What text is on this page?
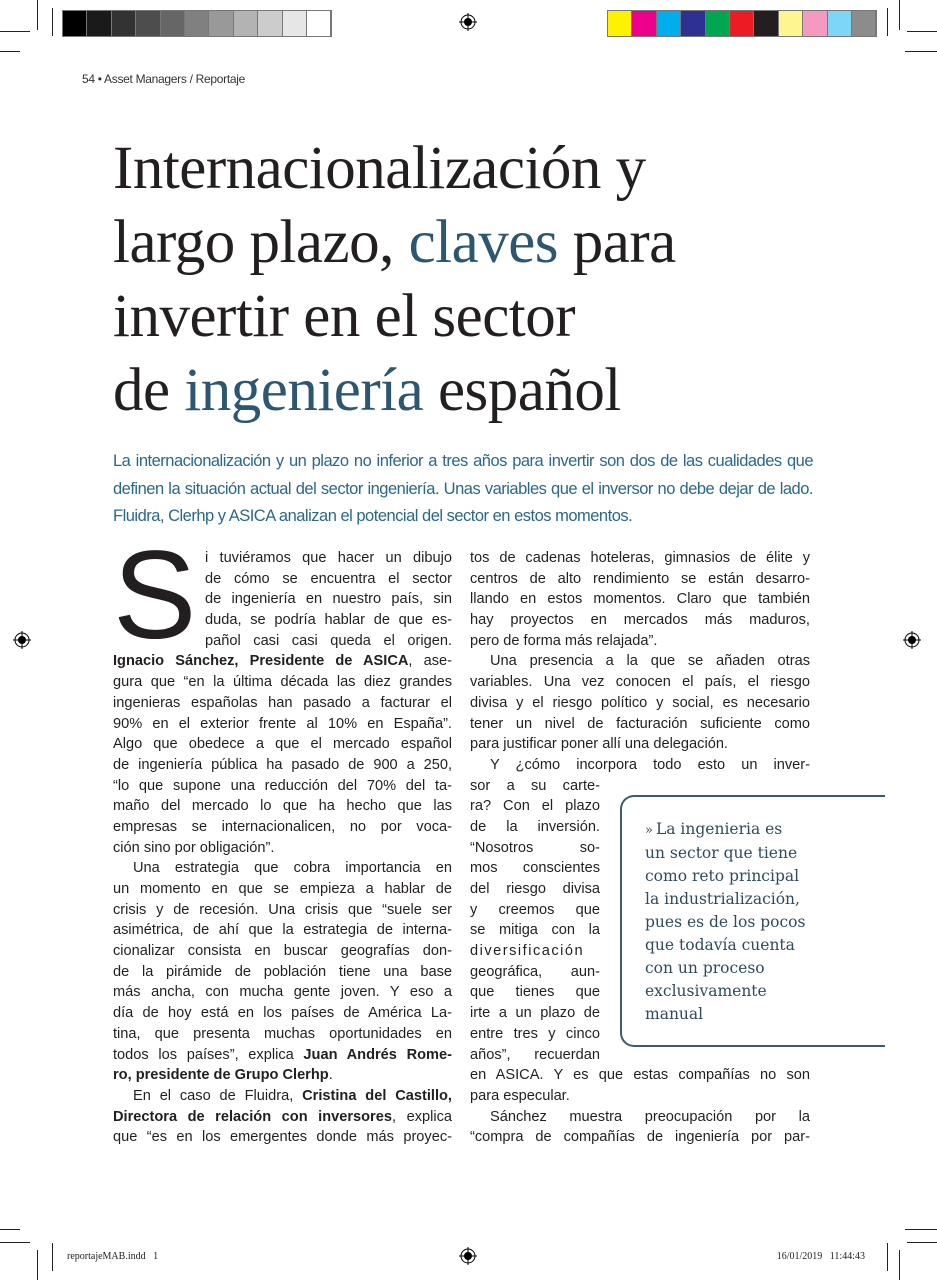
reportajeMAB.indd   1	16/01/2019   11:44:43
54 • Asset Managers / Reportaje
Internacionalización y
largo plazo, claves para
invertir en el sector
de ingeniería español
La internacionalización y un plazo no inferior a tres años para invertir son dos de las cualidades que
definen la situación actual del sector ingeniería. Unas variables que el inversor no debe dejar de lado.
Fluidra, Clerhp y ASICA analizan el potencial del sector en estos momentos.
S i tuviéramos que hacer un dibujo
de cómo se encuentra el sector
de ingeniería en nuestro país, sin
duda, se podría hablar de que es-
pañol casi casi queda el origen.
Ignacio Sánchez, Presidente de ASICA, ase-
gura que “en la última década las diez grandes
ingenieras españolas han pasado a facturar el
90% en el exterior frente al 10% en España”.
Algo que obedece a que el mercado español
de ingeniería pública ha pasado de 900 a 250,
“lo que supone una reducción del 70% del ta-
maño del mercado lo que ha hecho que las
empresas se internacionalicen, no por voca-
ción sino por obligación”.
Una estrategia que cobra importancia en
un momento en que se empieza a hablar de
crisis y de recesión. Una crisis que “suele ser
asimétrica, de ahí que la estrategia de interna-
cionalizar consista en buscar geografías don-
de la pirámide de población tiene una base
más ancha, con mucha gente joven. Y eso a
día de hoy está en los países de América La-
tina, que presenta muchas oportunidades en
todos los países”, explica Juan Andrés Rome-
ro, presidente de Grupo Clerhp.
En el caso de Fluidra, Cristina del Castillo,
Directora de relación con inversores, explica
que “es en los emergentes donde más proyec-
tos de cadenas hoteleras, gimnasios de élite y
centros de alto rendimiento se están desarro-
llando en estos momentos. Claro que también
hay proyectos en mercados más maduros,
pero de forma más relajada”.
Una presencia a la que se añaden otras
variables. Una vez conocen el país, el riesgo
divisa y el riesgo político y social, es necesario
tener un nivel de facturación suficiente como
para justificar poner allí una delegación.
Y ¿cómo incorpora todo esto un inver-
sor a su carte-
ra? Con el plazo
de la inversión.
“Nosotros so-
mos conscientes
del riesgo divisa
y creemos que
se mitiga con la
diversificación
geográfica, aun-
que tienes que
irte a un plazo de
entre tres y cinco
años”, recuerdan
en ASICA. Y es que estas compañías no son
para especular.
Sánchez muestra preocupación por la
“compra de compañías de ingeniería por par-
» La ingenieria es
un sector que tiene
como reto principal
la industrialización,
pues es de los pocos
que todavía cuenta
con un proceso
exclusivamente
manual
